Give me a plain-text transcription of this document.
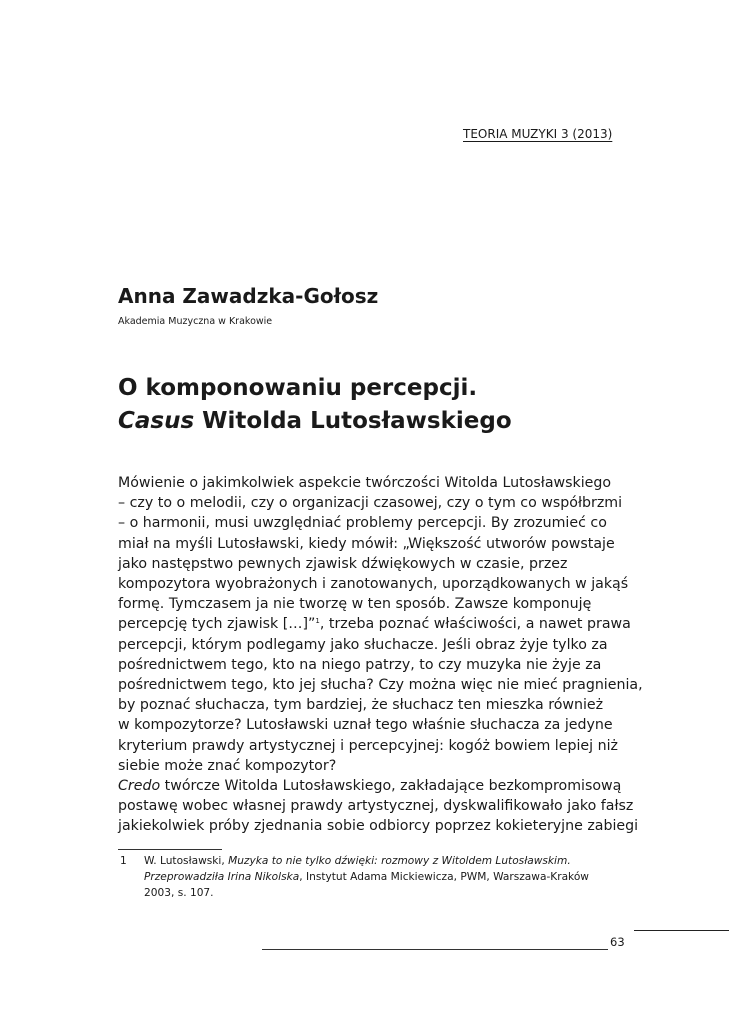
TEORIA MUZYKI 3 (2013)
Anna Zawadzka-Gołosz
Akademia Muzyczna w Krakowie
O komponowaniu percepcji.
Casus Witolda Lutosławskiego
Mówienie o jakimkolwiek aspekcie twórczości Witolda Lutosławskiego
– czy to o melodii, czy o organizacji czasowej, czy o tym co współbrzmi
– o harmonii, musi uwzględniać problemy percepcji. By zrozumieć co
miał na myśli Lutosławski, kiedy mówił: „Większość utworów powstaje
jako następstwo pewnych zjawisk dźwiękowych w czasie, przez
kompozytora wyobrażonych i zanotowanych, uporządkowanych w jakąś
formę. Tymczasem ja nie tworzę w ten sposób. Zawsze komponuję
percepcję tych zjawisk […]”$^1$, trzeba poznać właściwości, a nawet prawa
percepcji, którym podlegamy jako słuchacze. Jeśli obraz żyje tylko za
pośrednictwem tego, kto na niego patrzy, to czy muzyka nie żyje za
pośrednictwem tego, kto jej słucha? Czy można więc nie mieć pragnienia,
by poznać słuchacza, tym bardziej, że słuchacz ten mieszka również
w kompozytorze? Lutosławski uznał tego właśnie słuchacza za jedyne
kryterium prawdy artystycznej i percepcyjnej: kogóż bowiem lepiej niż
siebie może znać kompozytor?
Credo twórcze Witolda Lutosławskiego, zakładające bezkompromisową
postawę wobec własnej prawdy artystycznej, dyskwalifikowało jako fałsz
jakiekolwiek próby zjednania sobie odbiorcy poprzez kokieteryjne zabiegi
1 W. Lutosławski, Muzyka to nie tylko dźwięki: rozmowy z Witoldem Lutosławskim.
Przeprowadziła Irina Nikolska, Instytut Adama Mickiewicza, PWM, Warszawa-Kraków
2003, s. 107.
63
